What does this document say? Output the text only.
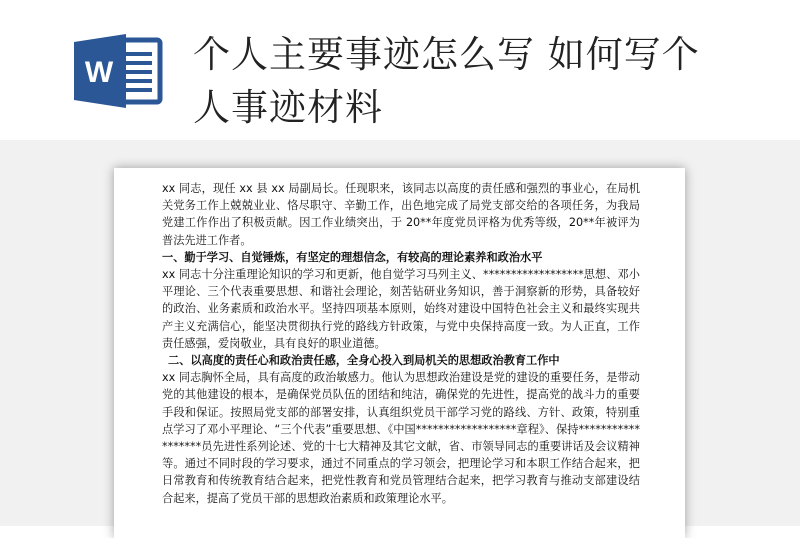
W 个人主要事迹怎么写 如何写个
人事迹材料

xx 同志，现任 xx 县 xx 局副局长。任现职来，该同志以高度的责任感和强烈的事业心，在局机关党务工作上兢兢业业、恪尽职守、辛勤工作，出色地完成了局党支部交给的各项任务，为我局党建工作作出了积极贡献。因工作业绩突出，于 20**年度党员评格为优秀等级，20**年被评为普法先进工作者。

一、勤于学习、自觉锤炼，有坚定的理想信念，有较高的理论素养和政治水平

xx 同志十分注重理论知识的学习和更新，他自觉学习马列主义、******************思想、邓小平理论、三个代表重要思想、和谐社会理论，刻苦钻研业务知识，善于洞察新的形势，具备较好的政治、业务素质和政治水平。坚持四项基本原则，始终对建设中国特色社会主义和最终实现共产主义充满信心，能坚决贯彻执行党的路线方针政策，与党中央保持高度一致。为人正直，工作责任感强，爱岗敬业，具有良好的职业道德。

二、以高度的责任心和政治责任感，全身心投入到局机关的思想政治教育工作中

xx 同志胸怀全局，具有高度的政治敏感力。他认为思想政治建设是党的建设的重要任务，是带动党的其他建设的根本，是确保党员队伍的团结和纯洁，确保党的先进性，提高党的战斗力的重要手段和保证。按照局党支部的部署安排，认真组织党员干部学习党的路线、方针、政策，特别重点学习了邓小平理论、“三个代表”重要思想、《中国******************章程》、保持******************员先进性系列论述、党的十七大精神及其它文献，省、市领导同志的重要讲话及会议精神等。通过不同时段的学习要求，通过不同重点的学习领会，把理论学习和本职工作结合起来，把日常教育和传统教育结合起来，把党性教育和党员管理结合起来，把学习教育与推动支部建设结合起来，提高了党员干部的思想政治素质和政策理论水平。
